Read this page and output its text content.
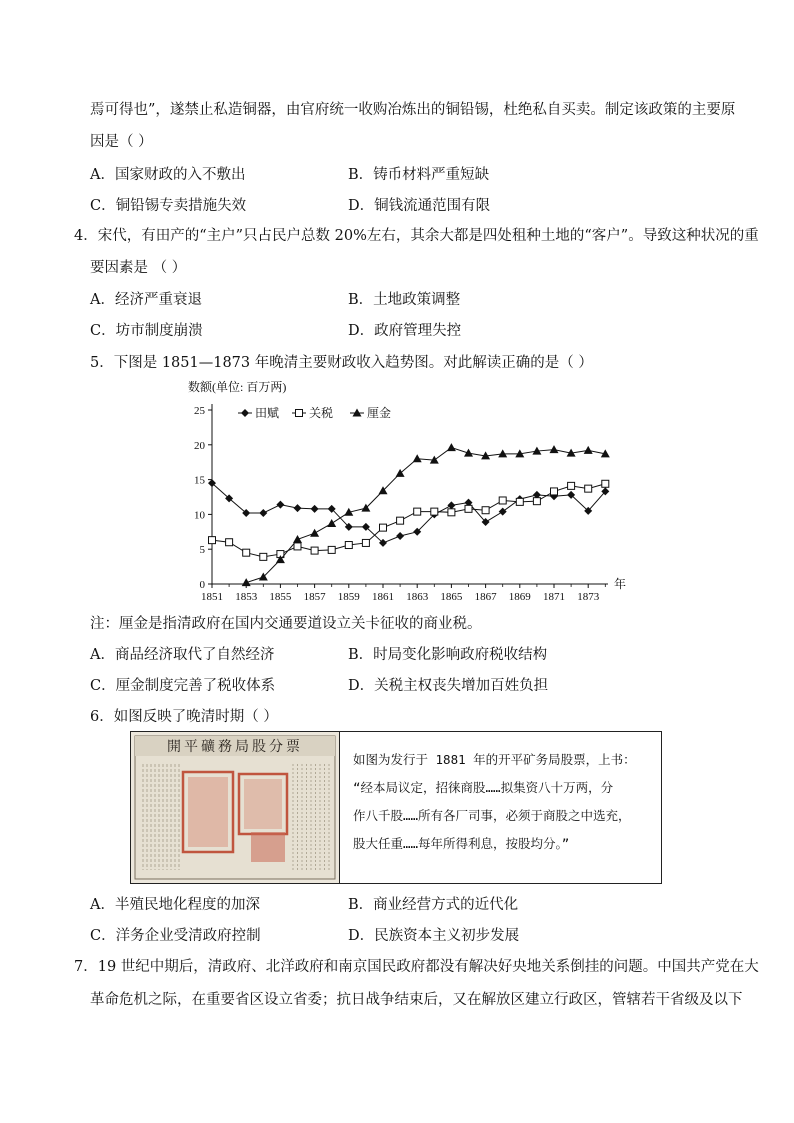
焉可得也”，遂禁止私造铜器，由官府统一收购冶炼出的铜铅锡，杜绝私自买卖。制定该政策的主要原
因是（ ）
A．国家财政的入不敷出	B．铸币材料严重短缺
C．铜铅锡专卖措施失效	D．铜钱流通范围有限
4．宋代，有田产的“主户”只占民户总数 20%左右，其余大都是四处租种土地的“客户”。导致这种状况的重
要因素是 （ ）
A．经济严重衰退	B．土地政策调整
C．坊市制度崩溃	D．政府管理失控
5．下图是 1851—1873 年晚清主要财政收入趋势图。对此解读正确的是（ ）
数额(单位: 百万两)
田赋 关税	厘金
0
5
10
15
20
25
1851 1853 1855 1857 1859 1861 1863 1865 1867 1869 1871 1873
年
注：厘金是指清政府在国内交通要道设立关卡征收的商业税。
A．商品经济取代了自然经济	B．时局变化影响政府税收结构
C．厘金制度完善了税收体系	D．关税主权丧失增加百姓负担
6．如图反映了晚清时期（ ）
開平礦務局股分票
如图为发行于 1881 年的开平矿务局股票，上书：
“经本局议定，招徕商股……拟集资八十万两，分
作八千股……所有各厂司事，必须于商股之中选充，
股大任重……每年所得利息，按股均分。”
A．半殖民地化程度的加深	B．商业经营方式的近代化
C．洋务企业受清政府控制	D．民族资本主义初步发展
7．19 世纪中期后，清政府、北洋政府和南京国民政府都没有解决好央地关系倒挂的问题。中国共产党在大
革命危机之际，在重要省区设立省委；抗日战争结束后，又在解放区建立行政区，管辖若干省级及以下
